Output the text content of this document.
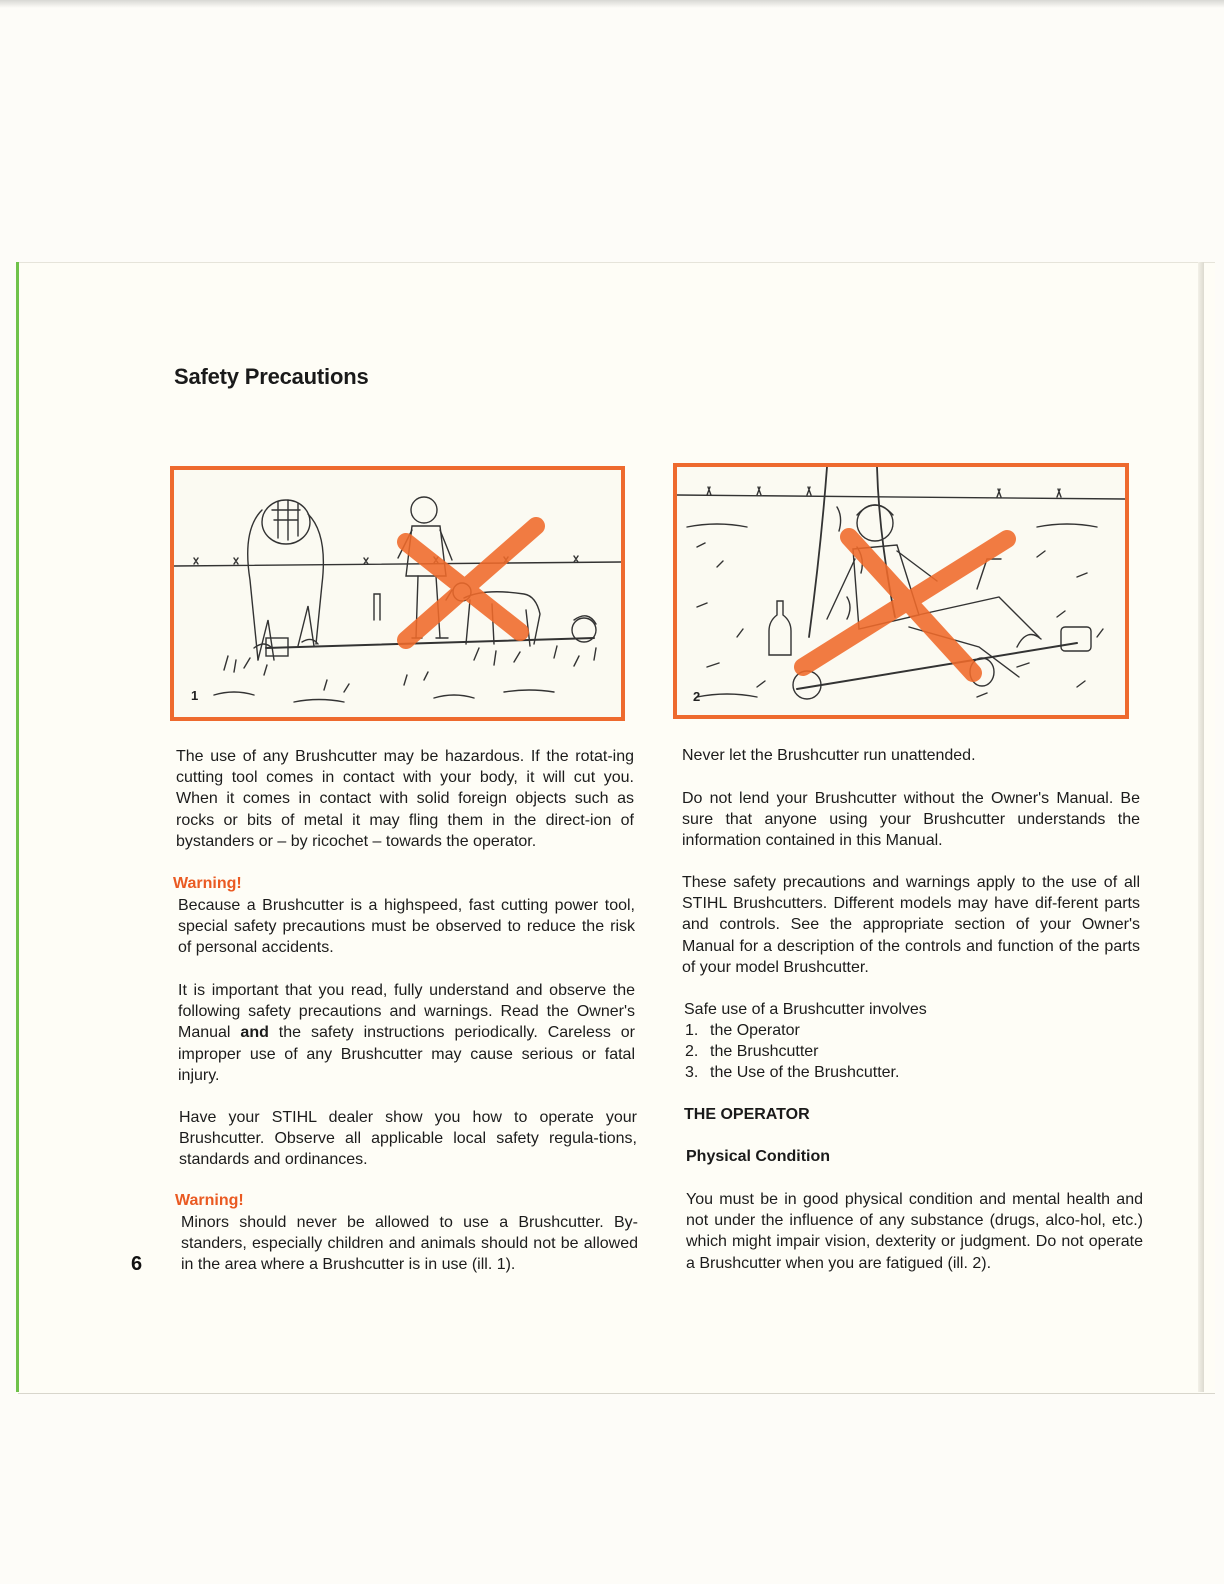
Safety Precautions
1	2

The use of any Brushcutter may be hazardous. If the rotat-ing cutting tool comes in contact with your body, it will cut you. When it comes in contact with solid foreign objects such as rocks or bits of metal it may fling them in the direct-ion of bystanders or – by ricochet – towards the operator.

Warning!

Because a Brushcutter is a highspeed, fast cutting power tool, special safety precautions must be observed to reduce the risk of personal accidents.

It is important that you read, fully understand and observe the following safety precautions and warnings. Read the Owner's Manual and the safety instructions periodically. Careless or improper use of any Brushcutter may cause serious or fatal injury.

Have your STIHL dealer show you how to operate your Brushcutter. Observe all applicable local safety regula-tions, standards and ordinances.

Warning!

Minors should never be allowed to use a Brushcutter. By-standers, especially children and animals should not be allowed in the area where a Brushcutter is in use (ill. 1).

6

Never let the Brushcutter run unattended.

Do not lend your Brushcutter without the Owner's Manual. Be sure that anyone using your Brushcutter understands the information contained in this Manual.

These safety precautions and warnings apply to the use of all STIHL Brushcutters. Different models may have dif-ferent parts and controls. See the appropriate section of your Owner's Manual for a description of the controls and function of the parts of your model Brushcutter.

Safe use of a Brushcutter involves

1. the Operator
2. the Brushcutter
3. the Use of the Brushcutter.
THE OPERATOR
Physical Condition

You must be in good physical condition and mental health and not under the influence of any substance (drugs, alco-hol, etc.) which might impair vision, dexterity or judgment. Do not operate a Brushcutter when you are fatigued (ill. 2).
